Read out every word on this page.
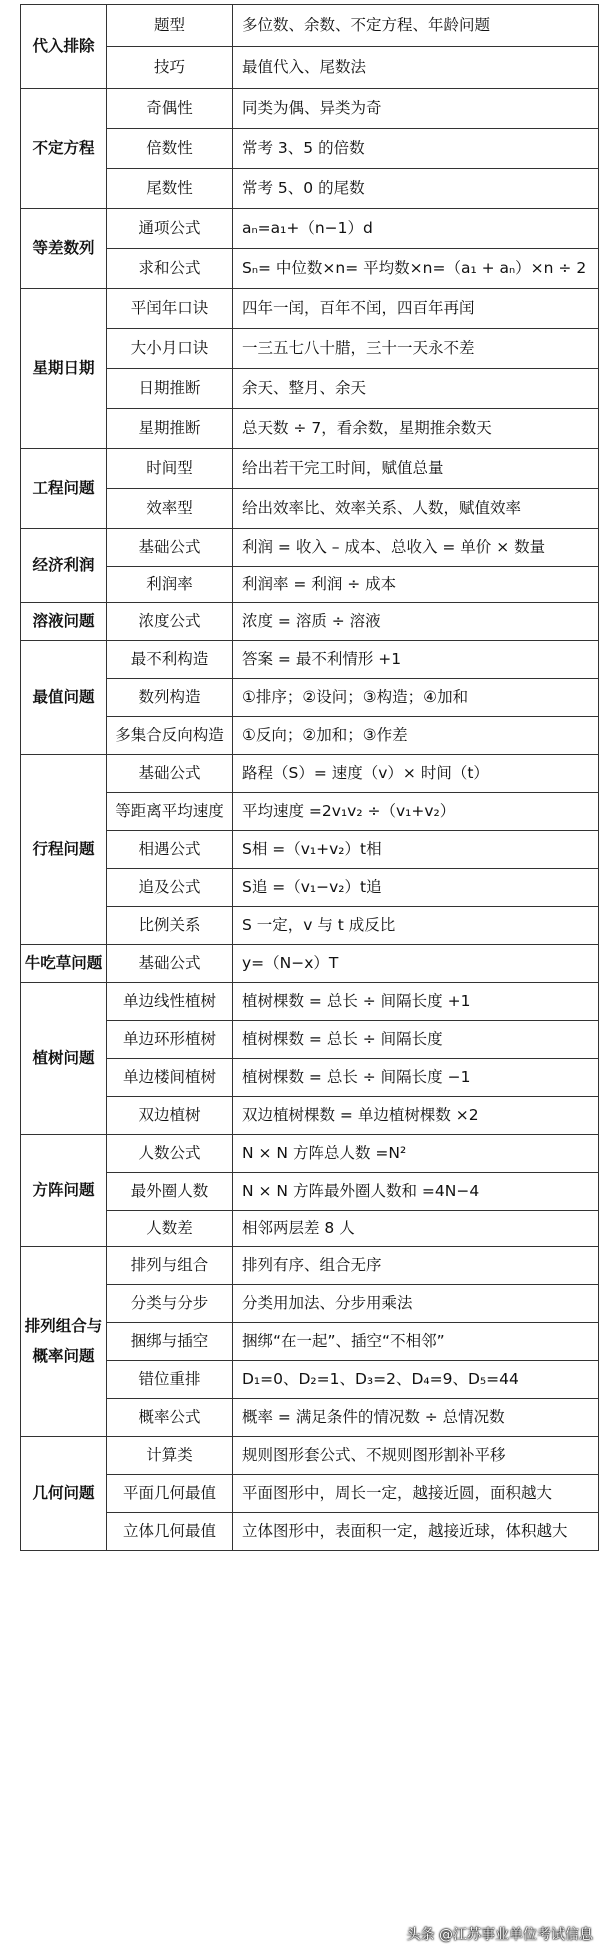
代入排除	题型	多位数、余数、不定方程、年龄问题
	技巧	最值代入、尾数法
不定方程	奇偶性	同类为偶、异类为奇
	倍数性	常考 3、5 的倍数
	尾数性	常考 5、0 的尾数
等差数列	通项公式	aₙ=a₁+（n−1）d
	求和公式	Sₙ= 中位数×n= 平均数×n=（a₁ + aₙ）×n ÷ 2
星期日期	平闰年口诀	四年一闰，百年不闰，四百年再闰
	大小月口诀	一三五七八十腊，三十一天永不差
	日期推断	余天、整月、余天
	星期推断	总天数 ÷ 7，看余数，星期推余数天
工程问题	时间型	给出若干完工时间，赋值总量
	效率型	给出效率比、效率关系、人数，赋值效率
经济利润	基础公式	利润 = 收入 – 成本、总收入 = 单价 × 数量
	利润率	利润率 = 利润 ÷ 成本
溶液问题	浓度公式	浓度 = 溶质 ÷ 溶液
最值问题	最不利构造	答案 = 最不利情形 +1
	数列构造	①排序；②设问；③构造；④加和
	多集合反向构造	①反向；②加和；③作差
行程问题	基础公式	路程（S）= 速度（v）× 时间（t）
	等距离平均速度	平均速度 =2v₁v₂ ÷（v₁+v₂）
	相遇公式	S相 =（v₁+v₂）t相
	追及公式	S追 =（v₁−v₂）t追
	比例关系	S 一定，v 与 t 成反比
牛吃草问题	基础公式	y=（N−x）T
植树问题	单边线性植树	植树棵数 = 总长 ÷ 间隔长度 +1
	单边环形植树	植树棵数 = 总长 ÷ 间隔长度
	单边楼间植树	植树棵数 = 总长 ÷ 间隔长度 −1
	双边植树	双边植树棵数 = 单边植树棵数 ×2
方阵问题	人数公式	N × N 方阵总人数 =N²
	最外圈人数	N × N 方阵最外圈人数和 =4N−4
	人数差	相邻两层差 8 人
排列组合与概率问题	排列与组合	排列有序、组合无序
	分类与分步	分类用加法、分步用乘法
	捆绑与插空	捆绑“在一起”、插空“不相邻”
	错位重排	D₁=0、D₂=1、D₃=2、D₄=9、D₅=44
	概率公式	概率 = 满足条件的情况数 ÷ 总情况数
几何问题	计算类	规则图形套公式、不规则图形割补平移
	平面几何最值	平面图形中，周长一定，越接近圆，面积越大
	立体几何最值	立体图形中，表面积一定，越接近球，体积越大
头条 @江苏事业单位考试信息
